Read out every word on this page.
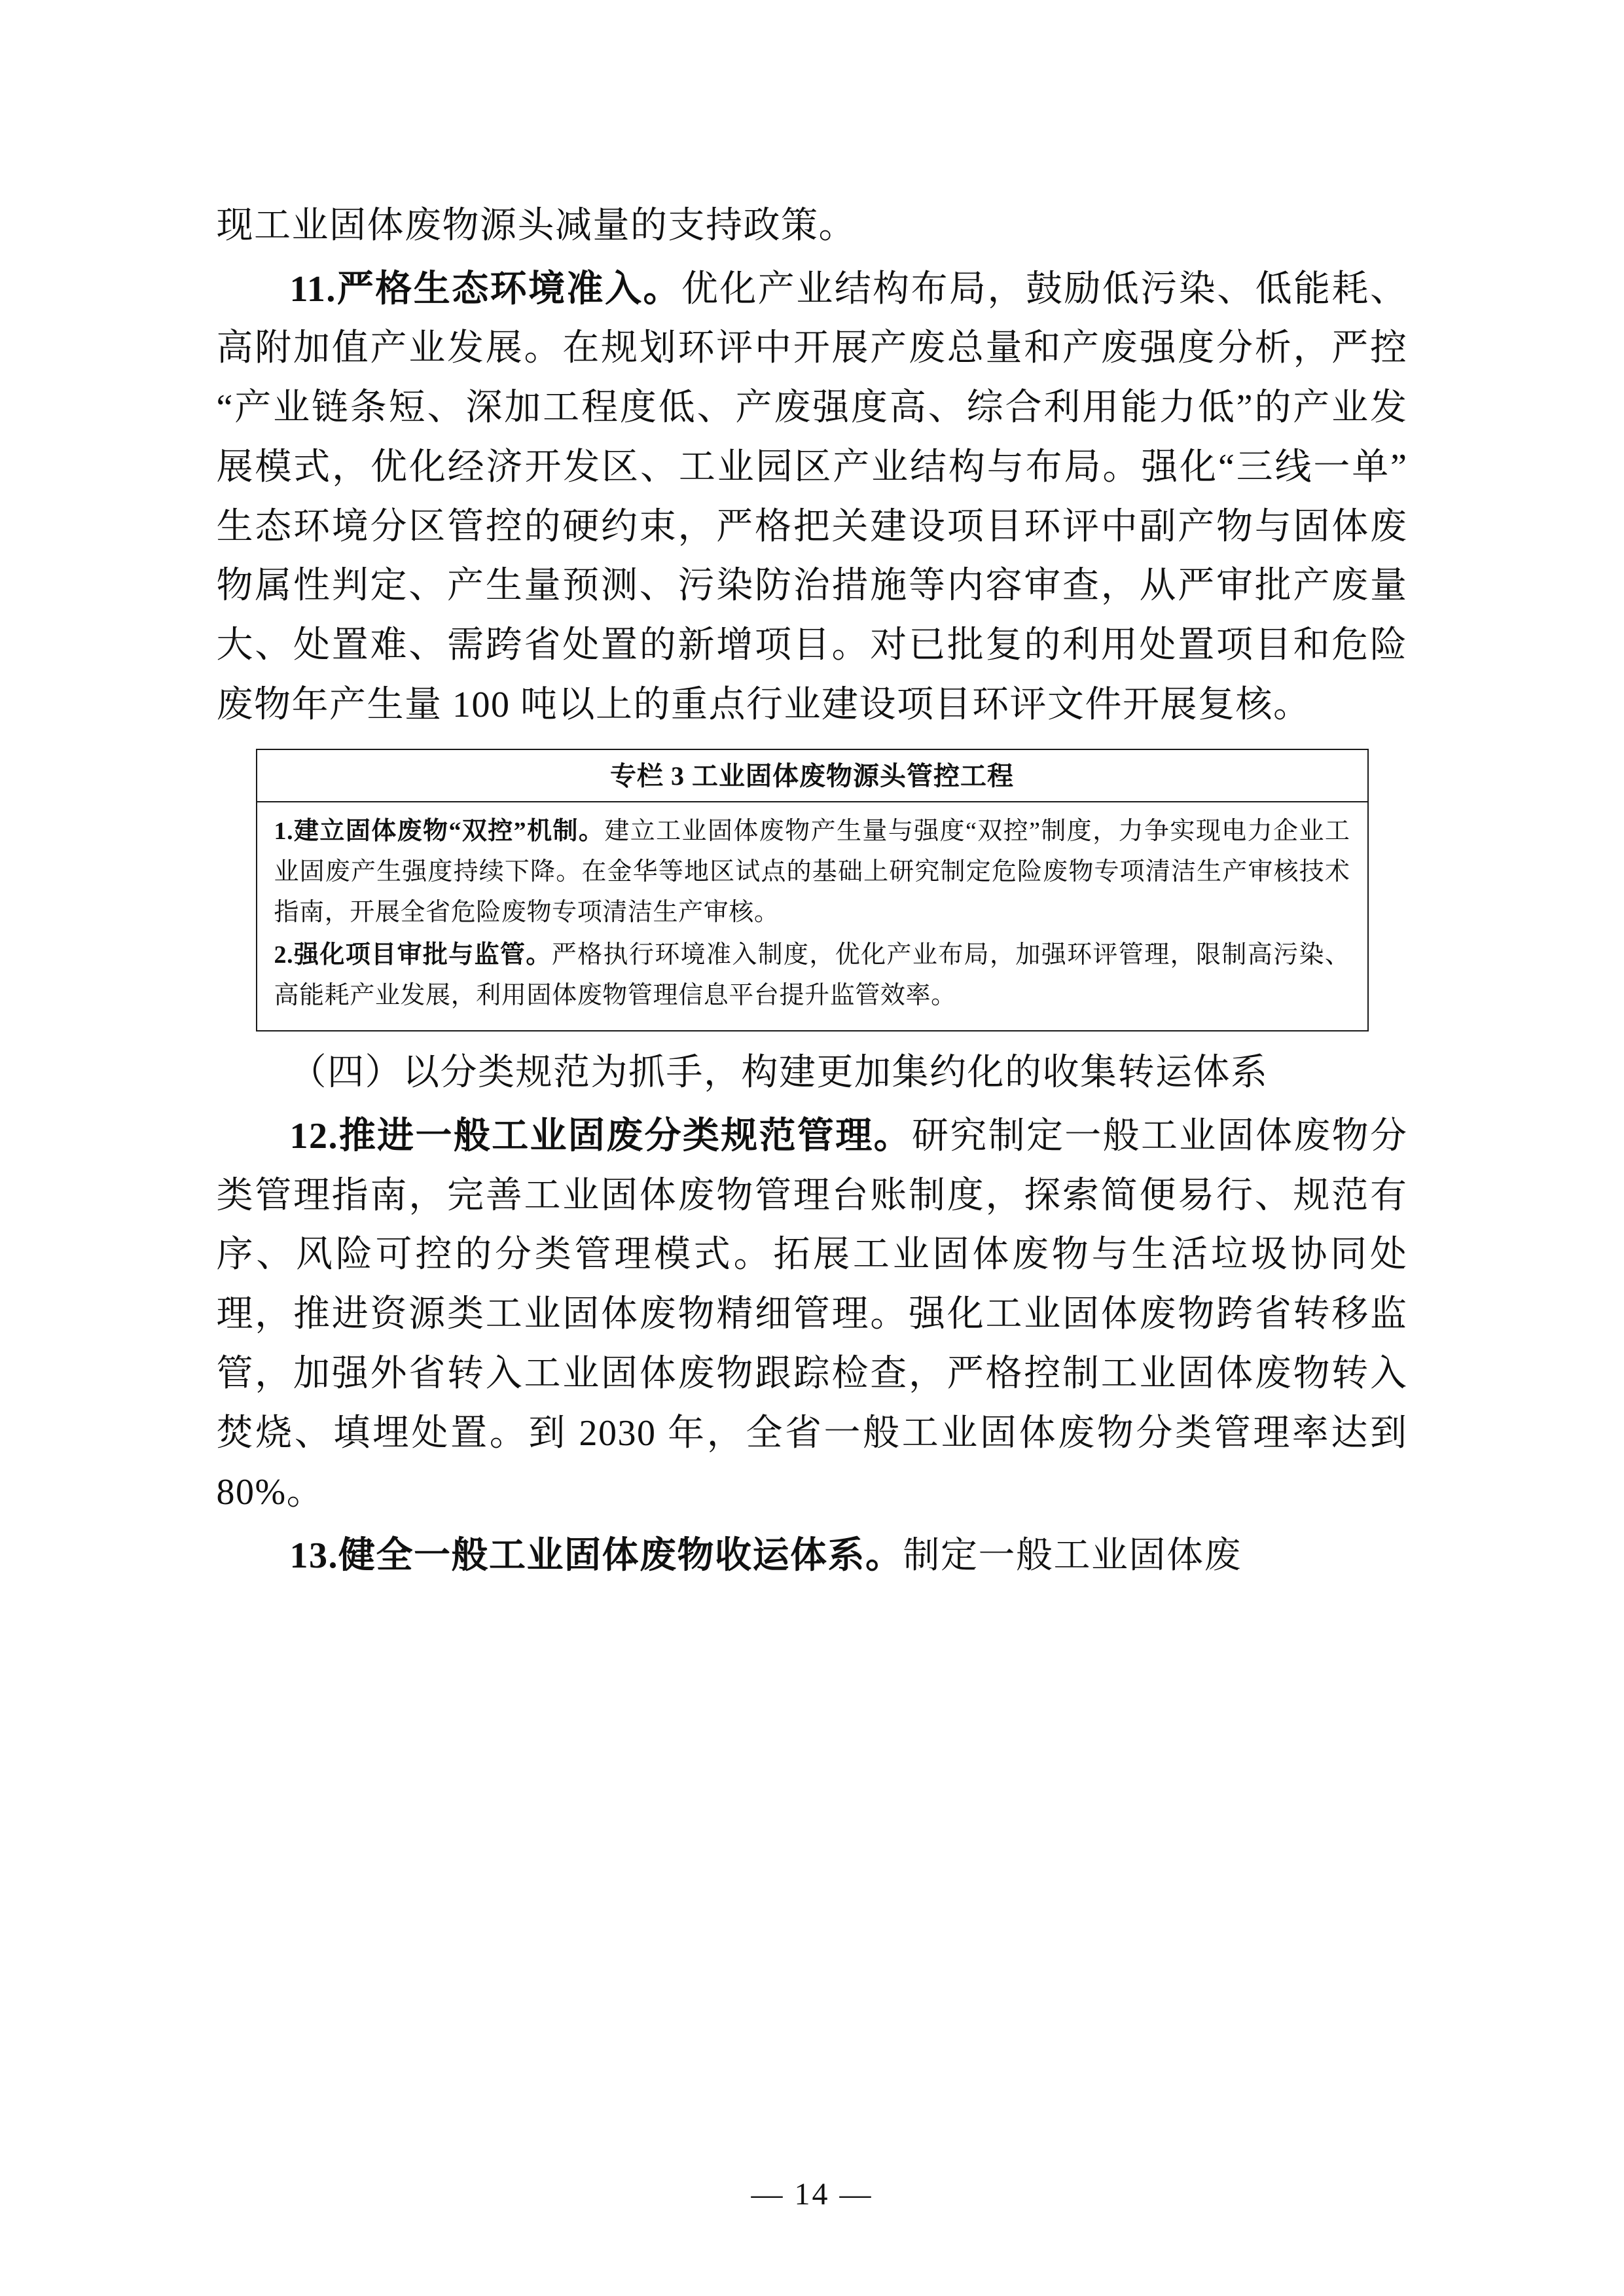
现工业固体废物源头减量的支持政策。

11.严格生态环境准入。优化产业结构布局，鼓励低污染、低能耗、高附加值产业发展。在规划环评中开展产废总量和产废强度分析，严控“产业链条短、深加工程度低、产废强度高、综合利用能力低”的产业发展模式，优化经济开发区、工业园区产业结构与布局。强化“三线一单”生态环境分区管控的硬约束，严格把关建设项目环评中副产物与固体废物属性判定、产生量预测、污染防治措施等内容审查，从严审批产废量大、处置难、需跨省处置的新增项目。对已批复的利用处置项目和危险废物年产生量 100 吨以上的重点行业建设项目环评文件开展复核。

专栏 3 工业固体废物源头管控工程

1.建立固体废物“双控”机制。建立工业固体废物产生量与强度“双控”制度，力争实现电力企业工业固废产生强度持续下降。在金华等地区试点的基础上研究制定危险废物专项清洁生产审核技术指南，开展全省危险废物专项清洁生产审核。

2.强化项目审批与监管。严格执行环境准入制度，优化产业布局，加强环评管理，限制高污染、高能耗产业发展，利用固体废物管理信息平台提升监管效率。

（四）以分类规范为抓手，构建更加集约化的收集转运体系

12.推进一般工业固废分类规范管理。研究制定一般工业固体废物分类管理指南，完善工业固体废物管理台账制度，探索简便易行、规范有序、风险可控的分类管理模式。拓展工业固体废物与生活垃圾协同处理，推进资源类工业固体废物精细管理。强化工业固体废物跨省转移监管，加强外省转入工业固体废物跟踪检查，严格控制工业固体废物转入焚烧、填埋处置。到 2030 年，全省一般工业固体废物分类管理率达到 80%。

13.健全一般工业固体废物收运体系。制定一般工业固体废

— 14 —
